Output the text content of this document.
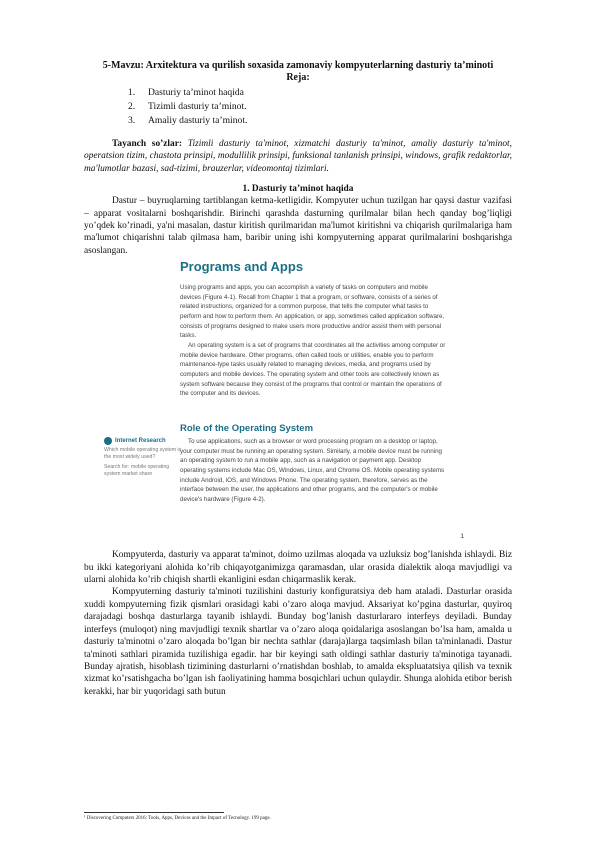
5-Mavzu: Arxitektura va qurilish soxasida zamonaviy kompyuterlarning dasturiy ta’minoti

Reja:

1.	Dasturiy ta’minot haqida
2.	Tizimli dasturiy ta’minot.
3.	Amaliy dasturiy ta’minot.

Tayanch so’zlar: Tizimli dasturiy ta'minot, xizmatchi dasturiy ta'minot, amaliy dasturiy ta'minot, operatsion tizim, chastota prinsipi, modullilik prinsipi, funksional tanlanish prinsipi, windows, grafik redaktorlar, ma'lumotlar bazasi, sad-tizimi, brauzerlar, videomontaj tizimlari.

1. Dasturiy ta’minot haqida

Dastur – buyruqlarning tartiblangan ketma-ketligidir. Kompyuter uchun tuzilgan har qaysi dastur vazifasi – apparat vositalarni boshqarishdir. Birinchi qarashda dasturning qurilmalar bilan hech qanday bog’liqligi yo’qdek ko’rinadi, ya'ni masalan, dastur kiritish qurilmaridan ma'lumot kiritishni va chiqarish qurilmalariga ham ma'lumot chiqarishni talab qilmasa ham, baribir uning ishi kompyuterning apparat qurilmalarini boshqarishga asoslangan.

Programs and Apps
Using programs and apps, you can accomplish a variety of tasks on computers and mobile devices (Figure 4-1). Recall from Chapter 1 that a program, or software, consists of a series of related instructions, organized for a common purpose, that tells the computer what tasks to perform and how to perform them. An application, or app, sometimes called application software, consists of programs designed to make users more productive and/or assist them with personal tasks.
An operating system is a set of programs that coordinates all the activities among computer or mobile device hardware. Other programs, often called tools or utilities, enable you to perform maintenance-type tasks usually related to managing devices, media, and programs used by computers and mobile devices. The operating system and other tools are collectively known as system software because they consist of the programs that control or maintain the operations of the computer and its devices.
Role of the Operating System
To use applications, such as a browser or word processing program on a desktop or laptop, your computer must be running an operating system. Similarly, a mobile device must be running an operating system to run a mobile app, such as a navigation or payment app. Desktop operating systems include Mac OS, Windows, Linux, and Chrome OS. Mobile operating systems include Android, iOS, and Windows Phone. The operating system, therefore, serves as the interface between the user, the applications and other programs, and the computer's or mobile device's hardware (Figure 4-2).
Internet Research
Which mobile operating system is the most widely used?
Search for: mobile operating system market share
1

Kompyuterda, dasturiy va apparat ta'minot, doimo uzilmas aloqada va uzluksiz bog’lanishda ishlaydi. Biz bu ikki kategoriyani alohida ko’rib chiqayotganimizga qaramasdan, ular orasida dialektik aloqa mavjudligi va ularni alohida ko’rib chiqish shartli ekanligini esdan chiqarmaslik kerak.

Kompyuterning dasturiy ta'minoti tuzilishini dasturiy konfiguratsiya deb ham ataladi. Dasturlar orasida xuddi kompyuterning fizik qismlari orasidagi kabi o’zaro aloqa mavjud. Aksariyat ko’pgina dasturlar, quyiroq darajadagi boshqa dasturlarga tayanib ishlaydi. Bunday bog’lanish dasturlararo interfeys deyiladi. Bunday interfeys (muloqot) ning mavjudligi texnik shartlar va o’zaro aloqa qoidalariga asoslangan bo’lsa ham, amalda u dasturiy ta'minotni o’zaro aloqada bo’lgan bir nechta sathlar (daraja)larga taqsimlash bilan ta'minlanadi. Dastur ta'minoti sathlari piramida tuzilishiga egadir. har bir keyingi sath oldingi sathlar dasturiy ta'minotiga tayanadi. Bunday ajratish, hisoblash tizimining dasturlarni o’rnatishdan boshlab, to amalda ekspluatatsiya qilish va texnik xizmat ko’rsatishgacha bo’lgan ish faoliyatining hamma bosqichlari uchun qulaydir. Shunga alohida etibor berish kerakki, har bir yuqoridagi sath butun

¹ Discovering Computers 2016: Tools, Apps, Devices and the Impact of Tecnology. 199 page.
